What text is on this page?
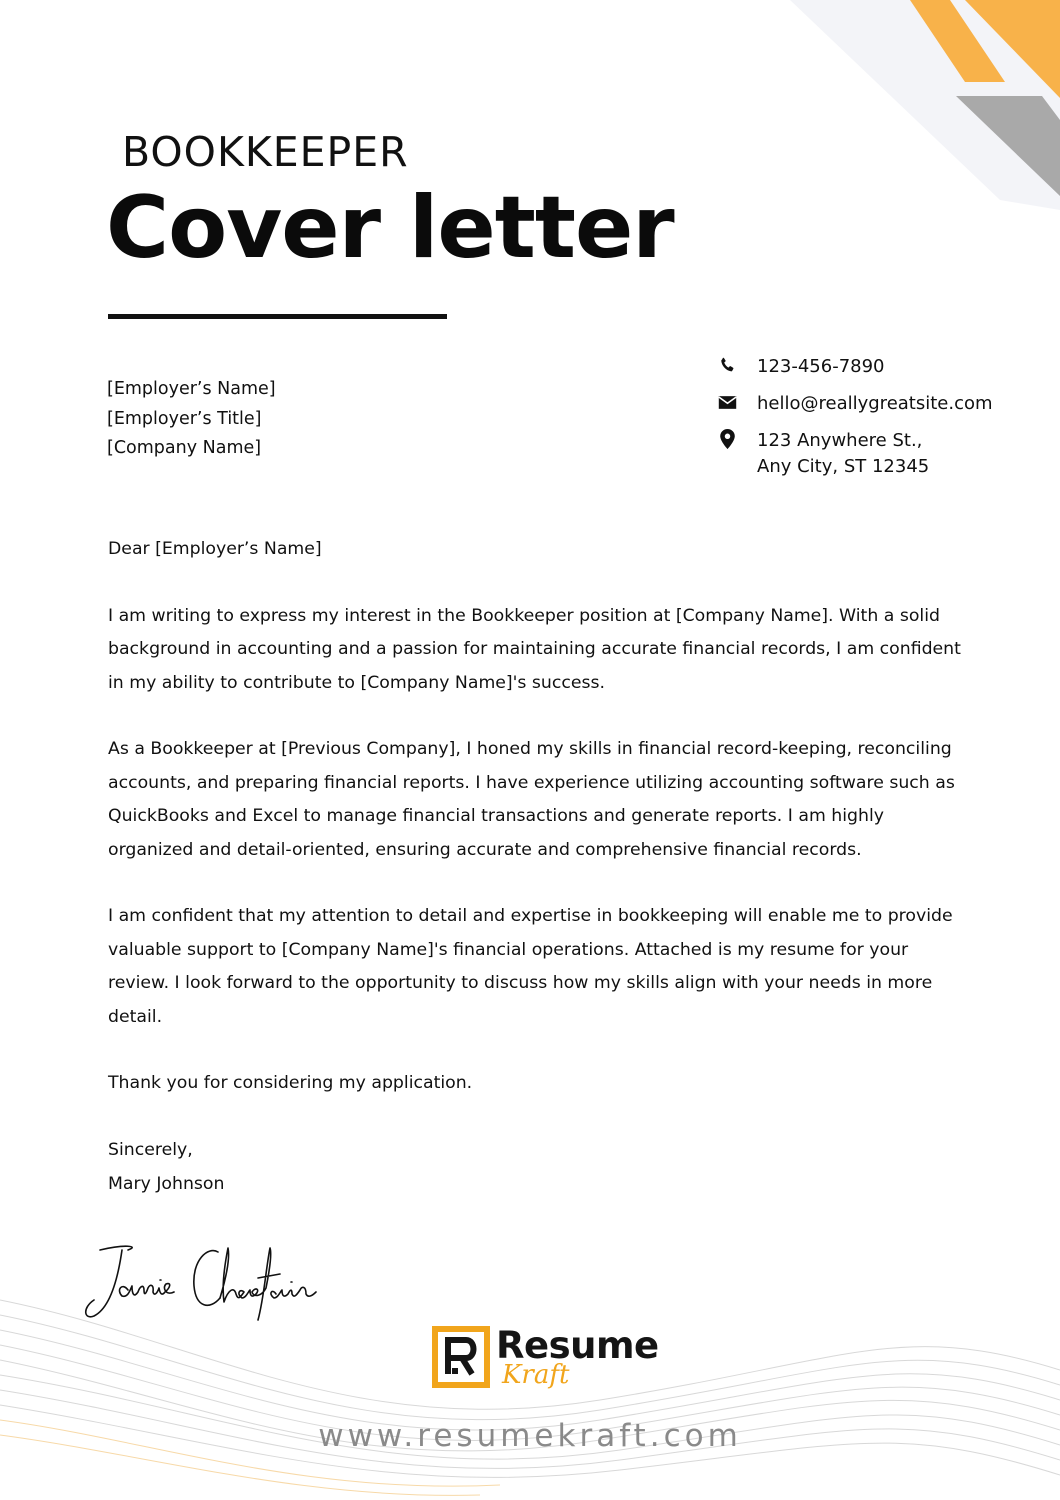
BOOKKEEPER
Cover letter
[Employer’s Name]
[Employer’s Title]
[Company Name]
123-456-7890
hello@reallygreatsite.com
123 Anywhere St.,
Any City, ST 12345

Dear [Employer’s Name]

I am writing to express my interest in the Bookkeeper position at [Company Name]. With a solid background in accounting and a passion for maintaining accurate financial records, I am confident in my ability to contribute to [Company Name]'s success.

As a Bookkeeper at [Previous Company], I honed my skills in financial record-keeping, reconciling accounts, and preparing financial reports. I have experience utilizing accounting software such as QuickBooks and Excel to manage financial transactions and generate reports. I am highly organized and detail-oriented, ensuring accurate and comprehensive financial records.

I am confident that my attention to detail and expertise in bookkeeping will enable me to provide valuable support to [Company Name]'s financial operations. Attached is my resume for your review. I look forward to the opportunity to discuss how my skills align with your needs in more detail.

Thank you for considering my application.

Sincerely,

Mary Johnson

Resume
Kraft
www.resumekraft.com
